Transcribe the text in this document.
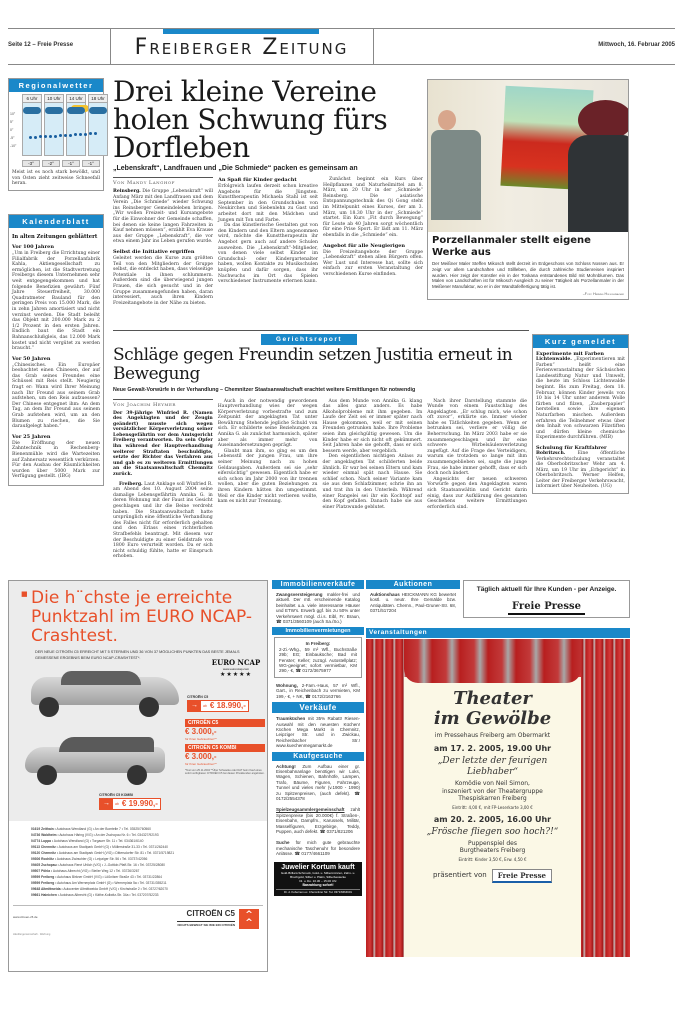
Seite 12 – Freie Presse	Freiberger Zeitung	Mittwoch, 16. Februar 2005
Regionalwetter
10°
5°
0°
-5°
-10°
6 Uhr	10 Uhr	14 Uhr	18 Uhr
-3°	-2°	-1°	-1°
Meist ist es noch stark bewölkt, und von Osten zieht zeitweise Schneefall heran.
Kalenderblatt
In alten Zeitungen geblättert
Vor 100 Jahren
„Um in Freiberg die Errichtung einer Filialfabrik der Porzellanfabrik Kahla, Aktiengesellschaft zu ermöglichen, ist die Stadtvertretung Freibergs diesem Unternehmen sehr weit entgegengekommen und hat folgende Benefizien gewährt: Fünf Jahre Steuerfreiheit, 30.000 Quadratmeter Bauland für den geringen Preis von 15.000 Mark, die in zehn Jahren amortisiert und nicht verzinst werden. Die Stadt beleiht das Objekt mit 200.000 Mark zu 2 1/2 Prozent in den ersten Jahren. Endlich baut die Stadt ein Bahnanschlußgleis, das 12.000 Mark kostet und nicht vergütet zu werden braucht.“
Vor 50 Jahren
„Chinesisches. Ein Europäer beobachtet einen Chinesen, der auf das Grab seines Freundes eine Schüssel mit Reis stellt. Neugierig fragt er: Wann wird Ihrer Meinung nach Ihr Freund aus seinem Grab aufstehen, um den Reis aufzuessen? Der Chinese entgegnet ihm: An dem Tag, an dem Ihr Freund aus seinem Grab aufstehen wird, um an den Blumen zu riechen, die Sie daraufgelegt haben.“
Vor 25 Jahren
Die Eröffnung der neuen Zahntechnik in Rechenberg-Bienenmühle wird die Wartezeiten auf Zahnersatz wesentlich verkürzen. Für den Ausbau der Räumlichkeiten wurden über 5000 Mark zur Verfügung gestellt. (IBG)
Drei kleine Vereine holen Schwung fürs Dorfleben
„Lebenskraft“, Landfrauen und „Die Schmiede“ packen es gemeinsam an
Von Mandy Langhof
Reinsberg. Die Gruppe „Lebenskraft“ will Anfang März mit den Landfrauen und dem Verein „Die Schmiede“ wieder Schwung ins Reinsberger Gemeindeleben bringen. „Wir wollen Freizeit- und Kursangebote für die Einwohner der Gemeinde schaffen, bei denen sie keine langen Fahrzeiten in Kauf nehmen müssen“, erzählt Eva Krause aus der Gruppe „Lebenskraft“, die vor etwa einem Jahr ins Leben gerufen wurde.
Selbst die Initiative ergriffen
Geleitet werden die Kurse zum größten Teil von den Mitgliedern der Gruppe selbst, die entdeckt haben, dass vielseitige Potentiale in ihnen schlummern. Außerdem sind die überwiegend jungen Frauen, die sich gesucht und in der Gruppe zusammengefunden haben, daran interessiert, auch ihren Kindern Freizeitangebote in der Nähe zu bieten.
An Spaß für Kinder gedacht
Erfolgreich laufen derzeit schon kreative Angebote für die Jüngsten. Kunsttherapeutin Michaela Stahl ist seit September in den Grundschulen von Neukirchen und Siebenlehn zu Gast und arbeitet dort mit den Mädchen und Jungen mit Ton und Farbe.
Da das künstlerische Gestalten gut von den Kindern und den Eltern angenommen wird, möchte die Kunsttherapeutin ihr Angebot gern auch auf andere Schulen ausweiten. Die „Lebenskraft“-Mitglieder, von denen viele selbst Kinder im Grundschul- oder Kindergartenalter haben, wollen Kontakte zu Musikschulen knüpfen und dafür sorgen, dass ihr Nachwuchs im Ort das Spielen verschiedener Instrumente erlernen kann.
Zunächst beginnt ein Kurs über Heilpflanzen und Naturheilmittel am 8. März, um 20 Uhr in der „Schmiede“ Reinsberg. Die asiatische Entspannungstechnik des Qi Gong steht im Mittelpunkt eines Kurses, der am 3. März, um 18.30 Uhr in der „Schmiede“ startet. Ein Kurs „Fit durch Bewegung“ für Leute ab 40 Jahren sorgt wöchentlich für eine Prise Sport. Er lädt am 11. März ebenfalls in die „Schmiede“ ein.
Angebot für alle Neugierigen
Die Freizeitangebote der Gruppe „Lebenskraft“ stehen allen Bürgern offen. Wer Lust und Interesse hat, sollte sich einfach zur ersten Veranstaltung der verschiedenen Kurse einfinden.
Porzellanmaler stellt eigene Werke aus
Der Meißner Maler Steffen Mikosch stellt derzeit im Erdgeschoss von Schloss Nossen aus. Er zeigt vor allem Landschaften und Stillleben, die durch zahlreiche Studienreisen inspiriert wurden. Hier zeigt der Künstler ein in der Toskana entstandenes Bild mit Mohnblumen. Das Malen von Landschaften ist für Mikosch Ausgleich zu seiner Tätigkeit als Porzellanmaler in der Meißener Manufaktur, wo er in der Wandtafelfertigung tätig ist.
–Foto: Henning Holschumacher
Gerichtsreport
Schläge gegen Freundin setzen Justitia erneut in Bewegung
Neue Gewalt-Vorwürfe in der Verhandlung – Chemnitzer Staatsanwaltschaft erachtet weitere Ermittlungen für notwendig
Von Joachim Heymer
Der 39-jährige Winfried R. (Namen des Angeklagten und der Zeugin geändert) musste sich wegen vorsätzlicher Körperverletzung seiner Lebensgefährtin vor dem Amtsgericht Freiberg verantworten. Da sein Opfer ihn während der Hauptverhandlung weiterer Straftaten beschuldigte, setzte der Richter das Verfahren aus und gab es zu weiteren Ermittlungen an die Staatsanwaltschaft Chemnitz zurück.
Freiberg. Laut Anklage soll Winfried R. am Abend des 10. August 2004 seine damalige Lebensgefährtin Annika G. in deren Wohnung mit der Faust ins Gesicht geschlagen und ihr die Beine verdreht haben. Die Staatsanwaltschaft hatte ursprünglich eine öffentliche Verhandlung des Falles nicht für erforderlich gehalten und den Erlass eines richterlichen Strafbefehls beantragt. Mit diesem war der Beschuldigte zu einer Geldstrafe von 1800 Euro verurteilt worden. Da er sich nicht schuldig fühlte, hatte er Einspruch erhoben.
Auch in der notwendig gewordenen Hauptverhandlung wies der wegen Körperverletzung vorbestrafte und zum Zeitpunkt der angeklagten Tat unter Bewährung Stehende jegliche Schuld von sich. Er schilderte seine Beziehungen zu Annika G. als zunächst harmonisch, später aber als immer mehr von Auseinandersetzungen geprägt.
Glaubt man ihm, so ging es um den Lebensstil der jungen Frau, um ihre seiner Meinung nach zu hohen Geldausgaben. Außerdem sei sie „sehr eifersüchtig“ gewesen. Eigentlich habe er sich schon im Jahr 2000 von ihr trennen wollen, aber die guten Beziehungen zu ihren Kindern hätten ihn umgestimmt. Weil er die Kinder nicht verlieren wollte, kam es nicht zur Trennung.
Aus dem Munde von Annika G. klang das alles ganz anders. Es habe Alkoholprobleme mit ihm gegeben. Im Laufe der Zeit sei er immer später nach Hause gekommen, weil er mit seinen Freunden getrunken habe. Ihre Probleme seien ihm gleichgültig gewesen. Um die Kinder habe er sich nicht oft gekümmert. Seit Jahren habe sie gehofft, dass er sich bessern werde, aber vergeblich.
Den eigentlichen nichtigen Anlass zu der angeklagten Tat schilderten beide ähnlich. Er war bei seinen Eltern und kam wieder einmal spät nach Hause. Sie schlief schon. Nach seiner Variante kam sie aus dem Schlafzimmer, schrie ihn an und trat ihn in den Unterleib. Während einer Rangelei sei ihr ein Kochtopf auf den Kopf gefallen. Danach habe sie aus einer Platzwunde geblutet.
Nach ihrer Darstellung stammte die Wunde von einem Faustschlag des Angeklagten. „Er schlug mich, wie schon oft zuvor“, erklärte sie. Immer wieder habe es Tätlichkeiten gegeben. Wenn er betrunken sei, verliere er völlig die Beherrschung. Im März 2003 habe er sie zusammengeschlagen und ihr eine schwere Wirbelsäulenverletzung zugefügt. Auf die Frage des Verteidigers, warum sie trotzdem so lange mit ihm zusammengeblieben sei, sagte die junge Frau, sie habe immer gehofft, dass er sich doch noch ändert.
Angesichts der neuen schweren Vorwürfe gegen den Angeklagten waren sich Staatsanwältin und Gericht darin einig, dass zur Aufklärung des gesamten Geschehens weitere Ermittlungen erforderlich sind.
Kurz gemeldet
Experimente mit Farben
Lichtenwalde. „Experimentieren mit Farben“ heißt eine Ferienveranstaltung der Sächsischen Landesstiftung Natur und Umwelt, die heute im Schloss Lichtenwalde beginnt. Bis zum Freitag, dem 18. Februar, können Kinder jeweils von 10 bis 14 Uhr unter anderem Wolle färben und filzen, „Zauberpapier“ herstellen sowie ihre eigenen Naturfarben mischen. Außerdem erfahren die Teilnehmer etwas über den Inhalt von schwarzen Filzstiften und dürfen kleine chemische Experimente durchführen. (MIB)
Schulung für Kraftfahrer
Bobritzsch.	Eine öffentliche Verkehrsrechtschulung veranstaltet die Oberbobritzscher Wehr am 4. März, um 19 Uhr im „Erbgericht“ in Oberbobritzsch. Werner Helfen, Leiter der Freiberger Verkehrswacht, informiert über Neuheiten. (UG)
■ Die h¨chste je erreichte Punktzahl im EURO NCAP-Crashtest.
DER NEUE CITROËN C5 ERREICHT MIT 5 STERNEN UND 36 VON 37 MÖGLICHEN PUNKTEN DAS BESTE JEMALS GEMESSENE ERGEBNIS BEIM EURO NCAP-CRASHTEST*.	EURO NCAP
www.euroncap.com
★★★★★
CITROËN C5
→	ab € 18.990,-
CITROËN C5
€ 3.000,-
für Ihren Gebrauchten**
CITROËN C5 KOMBI
€ 3.000,-
für Ihren Gebrauchten**
*Test vom 25.11.2004 **Über Schwacke oder DAT beim Kauf eines sofort verfügbaren CITROËN C5 bei diesen Privatkunden angeboten.
CITROËN C5 KOMBI
→	ab € 19.990,-
01619 Zeithain • Autohaus Wendland (G) • An der Bomtelle 7 • Tel. 03525/760560
04736 Waldheim • Autohaus Häring (V/G) • An der Zschopau Nr. 6 • Tel. 034327/92193
04774 Luppa • Autohaus Wendland (G) • Torgauer Str. 11 • Tel. 034361/6140
09113 Chemnitz • Autohaus am Stadtpark GmbH (G) • Müllerstraße 31-33 • Tel. 0371/262440
09120 Chemnitz • Autohaus am Stadtpark GmbH (V/G) • Dittersdorfer Str. 81 • Tel. 0371/5719821
09306 Rochlitz • Autohaus Zwirschler (G) • Leipziger Str. 56 • Tel. 03737/42056
09405 Zschopau • Autohaus René Uhlich (V/G) • J.-Gottlob-Pfaff-Str. 16 • Tel. 03725/28080
09507 Pöhla • Autohaus Albrecht (V/G) • Steiler Weg 12 • Tel. 03726/3267
09599 Freiberg • Autohaus Birkner GmbH (V/G) • Lößnitzer Straße 43 • Tel. 03731/22864
09599 Freiberg • Autohaus Am Wernerplatz GmbH (G) • Wernerplatz 5a • Tel. 03731/355211
09648 Altmittweida • Autocenter Altmittweida GmbH (V/G) • Kirchstraße 2 • Tel. 03727/62070
09661 Hainichen • Autohaus Albrecht (G) • Käthe-Kollwitz-Str. 34a • Tel. 037207/52233
www.citroen-c5.de	CITROËN C5
NICHTS BEWEGT SIE WIE EIN CITROËN
^
^
Händlergemeinschaft · Werbung
Immobilienverkäufe
Zwangsversteigerung makler-frei und aktuell. Der mtl. erscheinende Katalog beinhaltet u.a. viele interessante Häuser und ETW's. Erwerb ggf. bis zu 50% unter Verkehrswert mögl. d.i.s. Eibl, Fr. Braun, ☎ 0371/3560109 (auch Sa./So.)
Immobilienvermietungen
In Freiberg:
2-Zi.-Whg., 59 m² Wfl., Buchstraße 29b; EG; Einbauküche; Bad mit Fenster; Keller; zuzügl. Autostellplatz; WG-geeignet; sofort vermietbar, KM 290,- €, ☎ 0172/3675977
Wohnung, 2-Fam.-Haus, 57 m² Wfl., Gart., in Reichenbach zu vermieten, KM 199,- €, + NK, ☎ 0172/2163766
Verkäufe
Traumküchen mit 35% Rabatt! Riesen-Auswahl mit den neuesten Küchen! Küchen Mega Markt in Chemnitz, Leipziger Str. und in Zwickau, Reichenbacher Str.! www.kuechenmegamarkt.de
Kaufgesuche
Achtung! Zum Aufbau einer gr. Eisenbahnanlage benötigen wir Loks, Wagen, Schienen, Bahnhöfe, Lampen, Trafo, Bäume, Figuren, Fahrzeuge, Tunnel und vieles mehr (v.1900 - 1990) zu Spitzenpreisen, (auch defekt). ☎ 0172/2554378
Spielzeugsammlergemeinschaft zahlt Spitzenpreise (bis 20.000€) f. Straßen-, Eisenbahn, Dampfm., Karussels, Militär, Masselfiguren, Erzgebirge, Teddy, Puppen, auch defekt. ☎ 0371/821206
Suche für mich gute gebrauchte mechanische Taschenuhr für besondere Anlässe. ☎ 0177/4661109
Juwelier Kortum kauft
Gold-Brillant-Schmuck, Gold- u. Silbermünzen, Zahn- u. Bruchgold, Silber u. Platin, Silberbestecke
Di. u. Do. 10.30 – 15.00 Uhr
Barzahlung sofort!
Dr. d. Kobernen ex. Chemnitzer Str. Tel. 0371/6664601
Auktionen
Auktionshaus HEICKMANN KG bewertet kostl. u. neutr. Ihre Gemälde bzw. Antiquitäten. Chemn., Paul-Gruner-Str. 68, 0371/517204
Täglich aktuell für Ihre Kunden - per Anzeige.
Freie Presse
Veranstaltungen
Theater
im Gewölbe
im Pressehaus Freiberg am Obermarkt
am 17. 2. 2005, 19.00 Uhr
„Der letzte der feurigen Liebhaber“
Komödie von Neil Simon,
inszeniert von der Theatergruppe
Thespiskarren Freiberg
Eintritt: 4,00 €, mit FP-Leserkarte 3,00 €
am 20. 2. 2005, 16.00 Uhr
„Frösche fliegen soo hoch?!“
Puppenspiel des
Burgtheaters Freiberg
Eintritt: Kinder 3,50 €, Erw. 4,50 €
präsentiert von	Freie Presse
